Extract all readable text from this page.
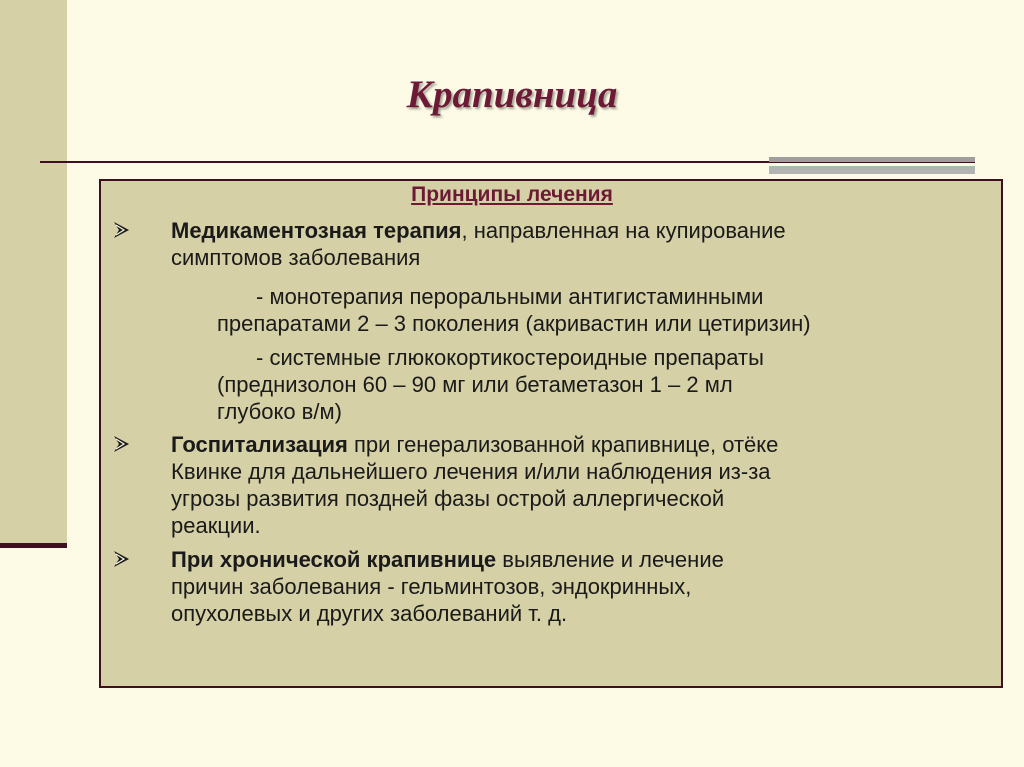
Крапивница
Принципы лечения
Медикаментозная терапия, направленная на купирование
симптомов заболевания
- монотерапия пероральными антигистаминными
препаратами 2 – 3 поколения (акривастин или цетиризин)
- системные глюкокортикостероидные препараты
(преднизолон 60 – 90 мг или бетаметазон 1 – 2 мл
глубоко в/м)
Госпитализация при генерализованной крапивнице, отёке
Квинке для дальнейшего лечения и/или наблюдения из-за
угрозы развития поздней фазы острой аллергической
реакции.
При хронической крапивнице выявление и лечение
причин заболевания - гельминтозов, эндокринных,
опухолевых и других заболеваний т. д.
